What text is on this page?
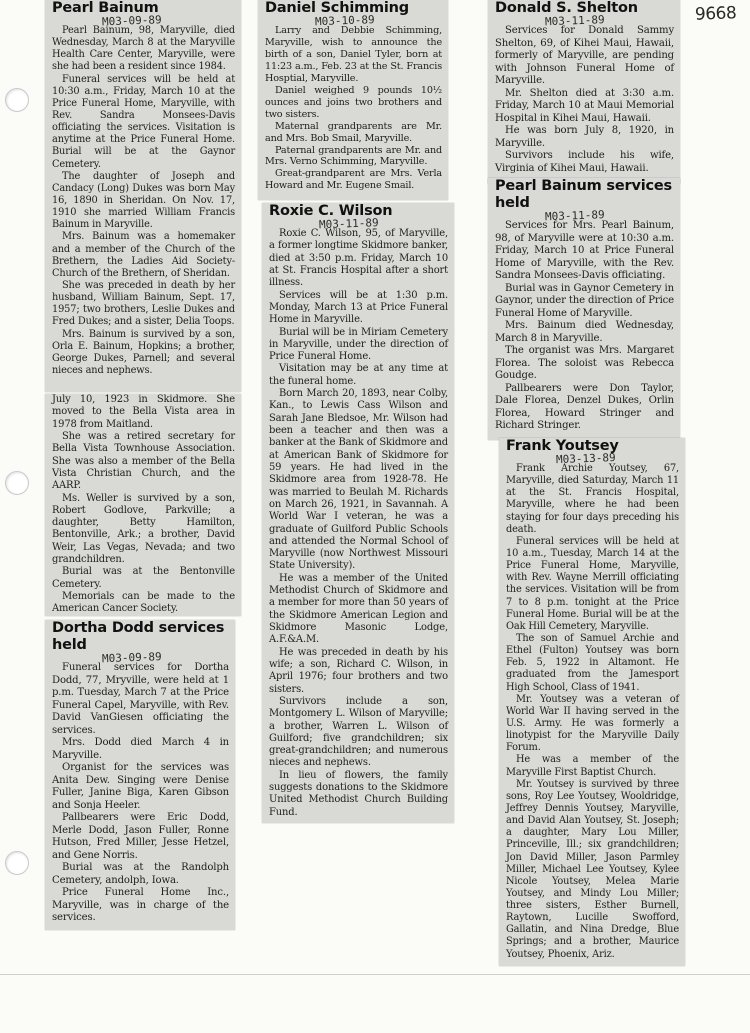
9668
Pearl Bainum
M03-09-89

Pearl Bainum, 98, Maryville, died Wednesday, March 8 at the Maryville Health Care Center, Maryville, were she had been a resident since 1984.

Funeral services will be held at 10:30 a.m., Friday, March 10 at the Price Funeral Home, Maryville, with Rev. Sandra Monsees-Davis officiating the services. Visitation is anytime at the Price Funeral Home. Burial will be at the Gaynor Cemetery.

The daughter of Joseph and Candacy (Long) Dukes was born May 16, 1890 in Sheridan. On Nov. 17, 1910 she married William Francis Bainum in Maryville.

Mrs. Bainum was a homemaker and a member of the Church of the Brethern, the Ladies Aid Society-Church of the Brethern, of Sheridan.

She was preceded in death by her husband, William Bainum, Sept. 17, 1957; two brothers, Leslie Dukes and Fred Dukes; and a sister, Delia Toops.

Mrs. Bainum is survived by a son, Orla E. Bainum, Hopkins; a brother, George Dukes, Parnell; and several nieces and nephews.

July 10, 1923 in Skidmore. She moved to the Bella Vista area in 1978 from Maitland.

She was a retired secretary for Bella Vista Townhouse Association. She was also a member of the Bella Vista Christian Church, and the AARP.

Ms. Weller is survived by a son, Robert Godlove, Parkville; a daughter, Betty Hamilton, Bentonville, Ark.; a brother, David Weir, Las Vegas, Nevada; and two grandchildren.

Burial was at the Bentonville Cemetery.

Memorials can be made to the American Cancer Society.

Dortha Dodd services held
M03-09-89

Funeral services for Dortha Dodd, 77, Mryville, were held at 1 p.m. Tuesday, March 7 at the Price Funeral Capel, Maryville, with Rev. David VanGiesen officiating the services.

Mrs. Dodd died March 4 in Maryville.

Organist for the services was Anita Dew. Singing were Denise Fuller, Janine Biga, Karen Gibson and Sonja Heeler.

Pallbearers were Eric Dodd, Merle Dodd, Jason Fuller, Ronne Hutson, Fred Miller, Jesse Hetzel, and Gene Norris.

Burial was at the Randolph Cemetery, andolph, Iowa.

Price Funeral Home Inc., Maryville, was in charge of the services.

Daniel Schimming
M03-10-89

Larry and Debbie Schimming, Maryville, wish to announce the birth of a son, Daniel Tyler, born at 11:23 a.m., Feb. 23 at the St. Francis Hosptial, Maryville.

Daniel weighed 9 pounds 10½ ounces and joins two brothers and two sisters.

Maternal grandparents are Mr. and Mrs. Bob Smail, Maryville.

Paternal grandparents are Mr. and Mrs. Verno Schimming, Maryville.

Great-grandparent are Mrs. Verla Howard and Mr. Eugene Smail.

Roxie C. Wilson
M03-11-89

Roxie C. Wilson, 95, of Maryville, a former longtime Skidmore banker, died at 3:50 p.m. Friday, March 10 at St. Francis Hospital after a short illness.

Services will be at 1:30 p.m. Monday, March 13 at Price Funeral Home in Maryville.

Burial will be in Miriam Cemetery in Maryville, under the direction of Price Funeral Home.

Visitation may be at any time at the funeral home.

Born March 20, 1893, near Colby, Kan., to Lewis Cass Wilson and Sarah Jane Bledsoe, Mr. Wilson had been a teacher and then was a banker at the Bank of Skidmore and at American Bank of Skidmore for 59 years. He had lived in the Skidmore area from 1928-78. He was married to Beulah M. Richards on March 26, 1921, in Savannah. A World War I veteran, he was a graduate of Guilford Public Schools and attended the Normal School of Maryville (now Northwest Missouri State University).

He was a member of the United Methodist Church of Skidmore and a member for more than 50 years of the Skidmore American Legion and Skidmore Masonic Lodge, A.F.&A.M.

He was preceded in death by his wife; a son, Richard C. Wilson, in April 1976; four brothers and two sisters.

Survivors include a son, Montgomery L. Wilson of Maryville; a brother, Warren L. Wilson of Guilford; five grandchildren; six great-grandchildren; and numerous nieces and nephews.

In lieu of flowers, the family suggests donations to the Skidmore United Methodist Church Building Fund.

Donald S. Shelton
M03-11-89

Services for Donald Sammy Shelton, 69, of Kihei Maui, Hawaii, formerly of Maryville, are pending with Johnson Funeral Home of Maryville.

Mr. Shelton died at 3:30 a.m. Friday, March 10 at Maui Memorial Hospital in Kihei Maui, Hawaii.

He was born July 8, 1920, in Maryville.

Survivors include his wife, Virginia of Kihei Maui, Hawaii.

Pearl Bainum services held
M03-11-89

Services for Mrs. Pearl Bainum, 98, of Maryville were at 10:30 a.m. Friday, March 10 at Price Funeral Home of Maryville, with the Rev. Sandra Monsees-Davis officiating.

Burial was in Gaynor Cemetery in Gaynor, under the direction of Price Funeral Home of Maryville.

Mrs. Bainum died Wednesday, March 8 in Maryville.

The organist was Mrs. Margaret Florea. The soloist was Rebecca Goudge.

Pallbearers were Don Taylor, Dale Florea, Denzel Dukes, Orlin Florea, Howard Stringer and Richard Stringer.

Frank Youtsey
M03-13-89

Frank Archie Youtsey, 67, Maryville, died Saturday, March 11 at the St. Francis Hospital, Maryville, where he had been staying for four days preceding his death.

Funeral services will be held at 10 a.m., Tuesday, March 14 at the Price Funeral Home, Maryville, with Rev. Wayne Merrill officiating the services. Visitation will be from 7 to 8 p.m. tonight at the Price Funeral Home. Burial will be at the Oak Hill Cemetery, Maryville.

The son of Samuel Archie and Ethel (Fulton) Youtsey was born Feb. 5, 1922 in Altamont. He graduated from the Jamesport High School, Class of 1941.

Mr. Youtsey was a veteran of World War II having served in the U.S. Army. He was formerly a linotypist for the Maryville Daily Forum.

He was a member of the Maryville First Baptist Church.

Mr. Youtsey is survived by three sons, Roy Lee Youtsey, Wooldridge, Jeffrey Dennis Youtsey, Maryville, and David Alan Youtsey, St. Joseph; a daughter, Mary Lou Miller, Princeville, Ill.; six grandchildren; Jon David Miller, Jason Parmley Miller, Michael Lee Youtsey, Kylee Nicole Youtsey, Melea Marie Youtsey, and Mindy Lou Miller; three sisters, Esther Burnell, Raytown, Lucille Swofford, Gallatin, and Nina Dredge, Blue Springs; and a brother, Maurice Youtsey, Phoenix, Ariz.
